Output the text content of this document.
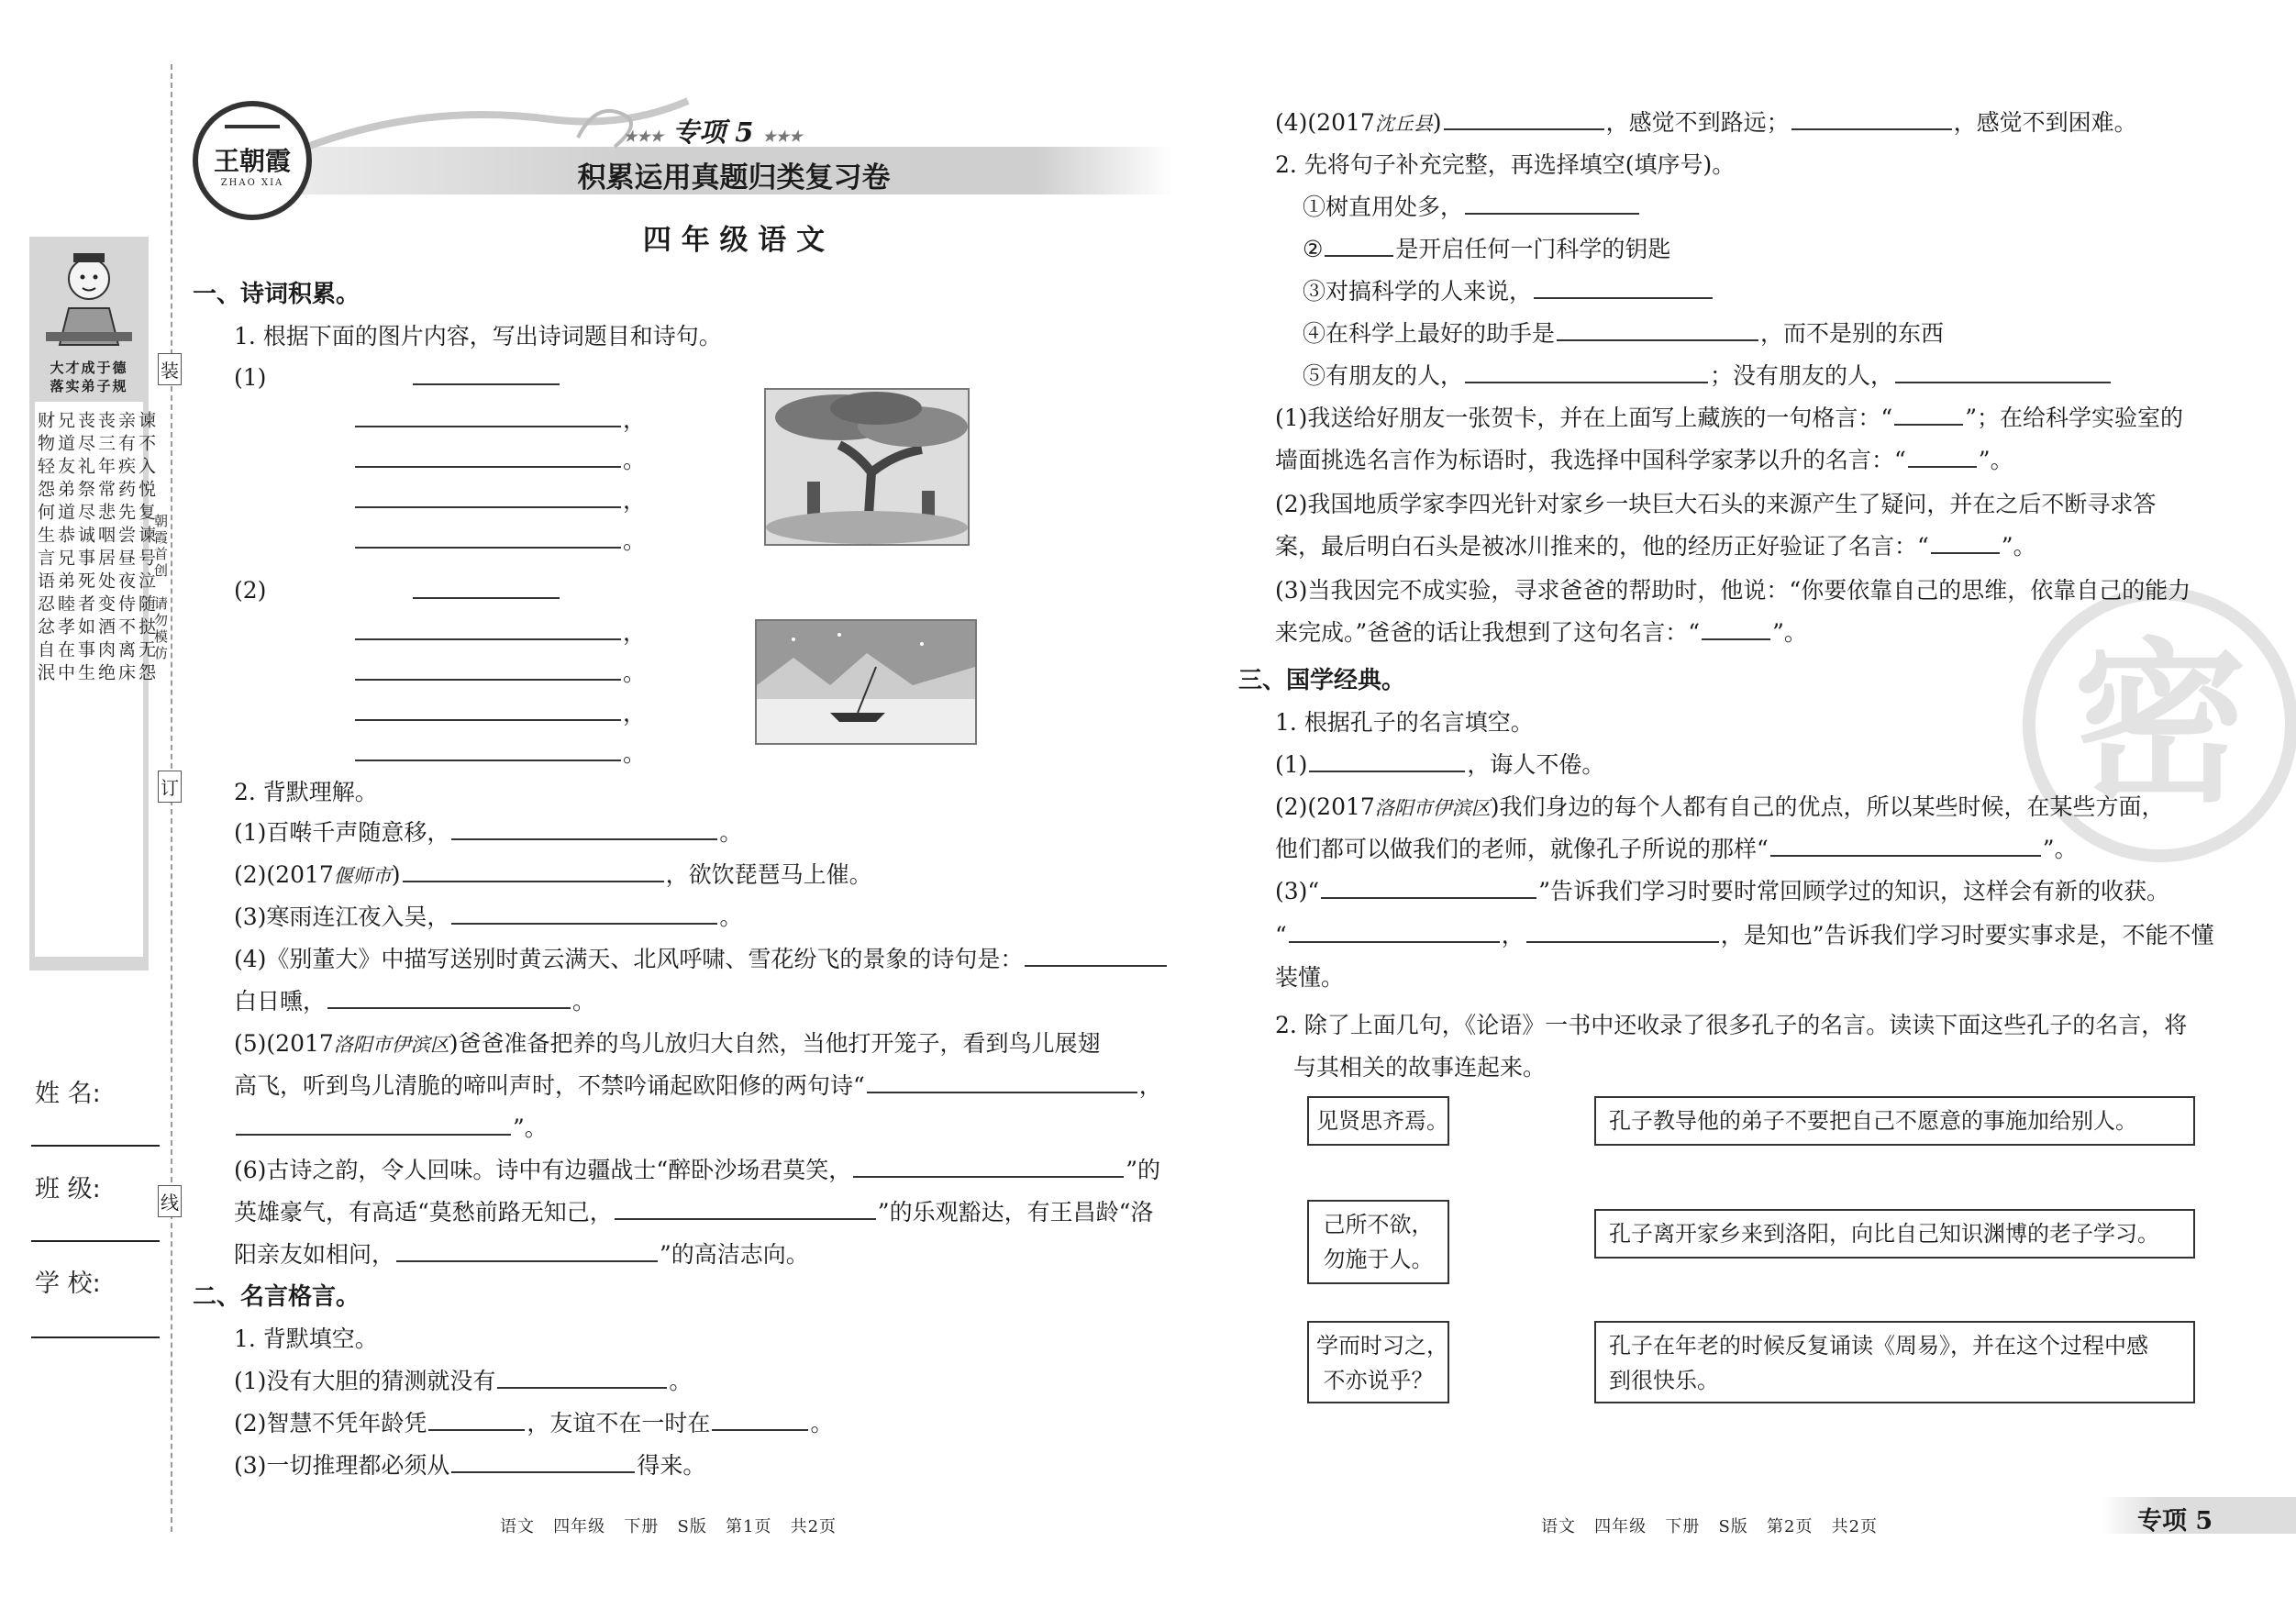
大才成于德
落实弟子规
谏不入悦复谏号泣随挞无怨
亲有疾药先尝昼夜侍不离床
丧三年常悲咽居处变酒肉绝
丧尽礼祭尽诚事死者如事生
兄道友弟道恭兄弟睦孝在中
财物轻怨何生言语忍忿自泯
装
订
线
朝霞首创
请勿模仿
姓 名:
班 级:
学 校:
王朝霞
ZHAO XIA
★★★ 专项 5 ★★★
积累运用真题归类复习卷
四 年 级 语 文
一、诗词积累。
1. 根据下面的图片内容，写出诗词题目和诗句。
(1)
，
。
，
。
(2)
，
。
，
。
2. 背默理解。
(1)百啭千声随意移，	。
(2)(2017偃师市)	，欲饮琵琶马上催。
(3)寒雨连江夜入吴，	。
(4)《别董大》中描写送别时黄云满天、北风呼啸、雪花纷飞的景象的诗句是：
白日曛，	。
(5)(2017洛阳市伊滨区)爸爸准备把养的鸟儿放归大自然，当他打开笼子，看到鸟儿展翅
高飞，听到鸟儿清脆的啼叫声时，不禁吟诵起欧阳修的两句诗“	，
”。
(6)古诗之韵，令人回味。诗中有边疆战士“醉卧沙场君莫笑，	”的
英雄豪气，有高适“莫愁前路无知己，	”的乐观豁达，有王昌龄“洛
阳亲友如相问，	”的高洁志向。
二、名言格言。
1. 背默填空。
(1)没有大胆的猜测就没有	。
(2)智慧不凭年龄凭	，友谊不在一时在	。
(3)一切推理都必须从	得来。
语文   四年级   下册   S版   第1页   共2页
密
(4)(2017沈丘县)	，感觉不到路远；	，感觉不到困难。
2. 先将句子补充完整，再选择填空(填序号)。
①树直用处多，
②	是开启任何一门科学的钥匙
③对搞科学的人来说，
④在科学上最好的助手是	，而不是别的东西
⑤有朋友的人，	；没有朋友的人，
(1)我送给好朋友一张贺卡，并在上面写上藏族的一句格言：“	”；在给科学实验室的
墙面挑选名言作为标语时，我选择中国科学家茅以升的名言：“	”。
(2)我国地质学家李四光针对家乡一块巨大石头的来源产生了疑问，并在之后不断寻求答
案，最后明白石头是被冰川推来的，他的经历正好验证了名言：“	”。
(3)当我因完不成实验，寻求爸爸的帮助时，他说：“你要依靠自己的思维，依靠自己的能力
来完成。”爸爸的话让我想到了这句名言：“	”。
三、国学经典。
1. 根据孔子的名言填空。
(1)	，诲人不倦。
(2)(2017洛阳市伊滨区)我们身边的每个人都有自己的优点，所以某些时候，在某些方面，
他们都可以做我们的老师，就像孔子所说的那样“	”。
(3)“	”告诉我们学习时要时常回顾学过的知识，这样会有新的收获。
“	，	，是知也”告诉我们学习时要实事求是，不能不懂
装懂。
2. 除了上面几句，《论语》一书中还收录了很多孔子的名言。读读下面这些孔子的名言，将
与其相关的故事连起来。
见贤思齐焉。
己所不欲，
勿施于人。
学而时习之，
不亦说乎？
孔子教导他的弟子不要把自己不愿意的事施加给别人。
孔子离开家乡来到洛阳，向比自己知识渊博的老子学习。
孔子在年老的时候反复诵读《周易》，并在这个过程中感
到很快乐。
语文   四年级   下册   S版   第2页   共2页	专项 5
